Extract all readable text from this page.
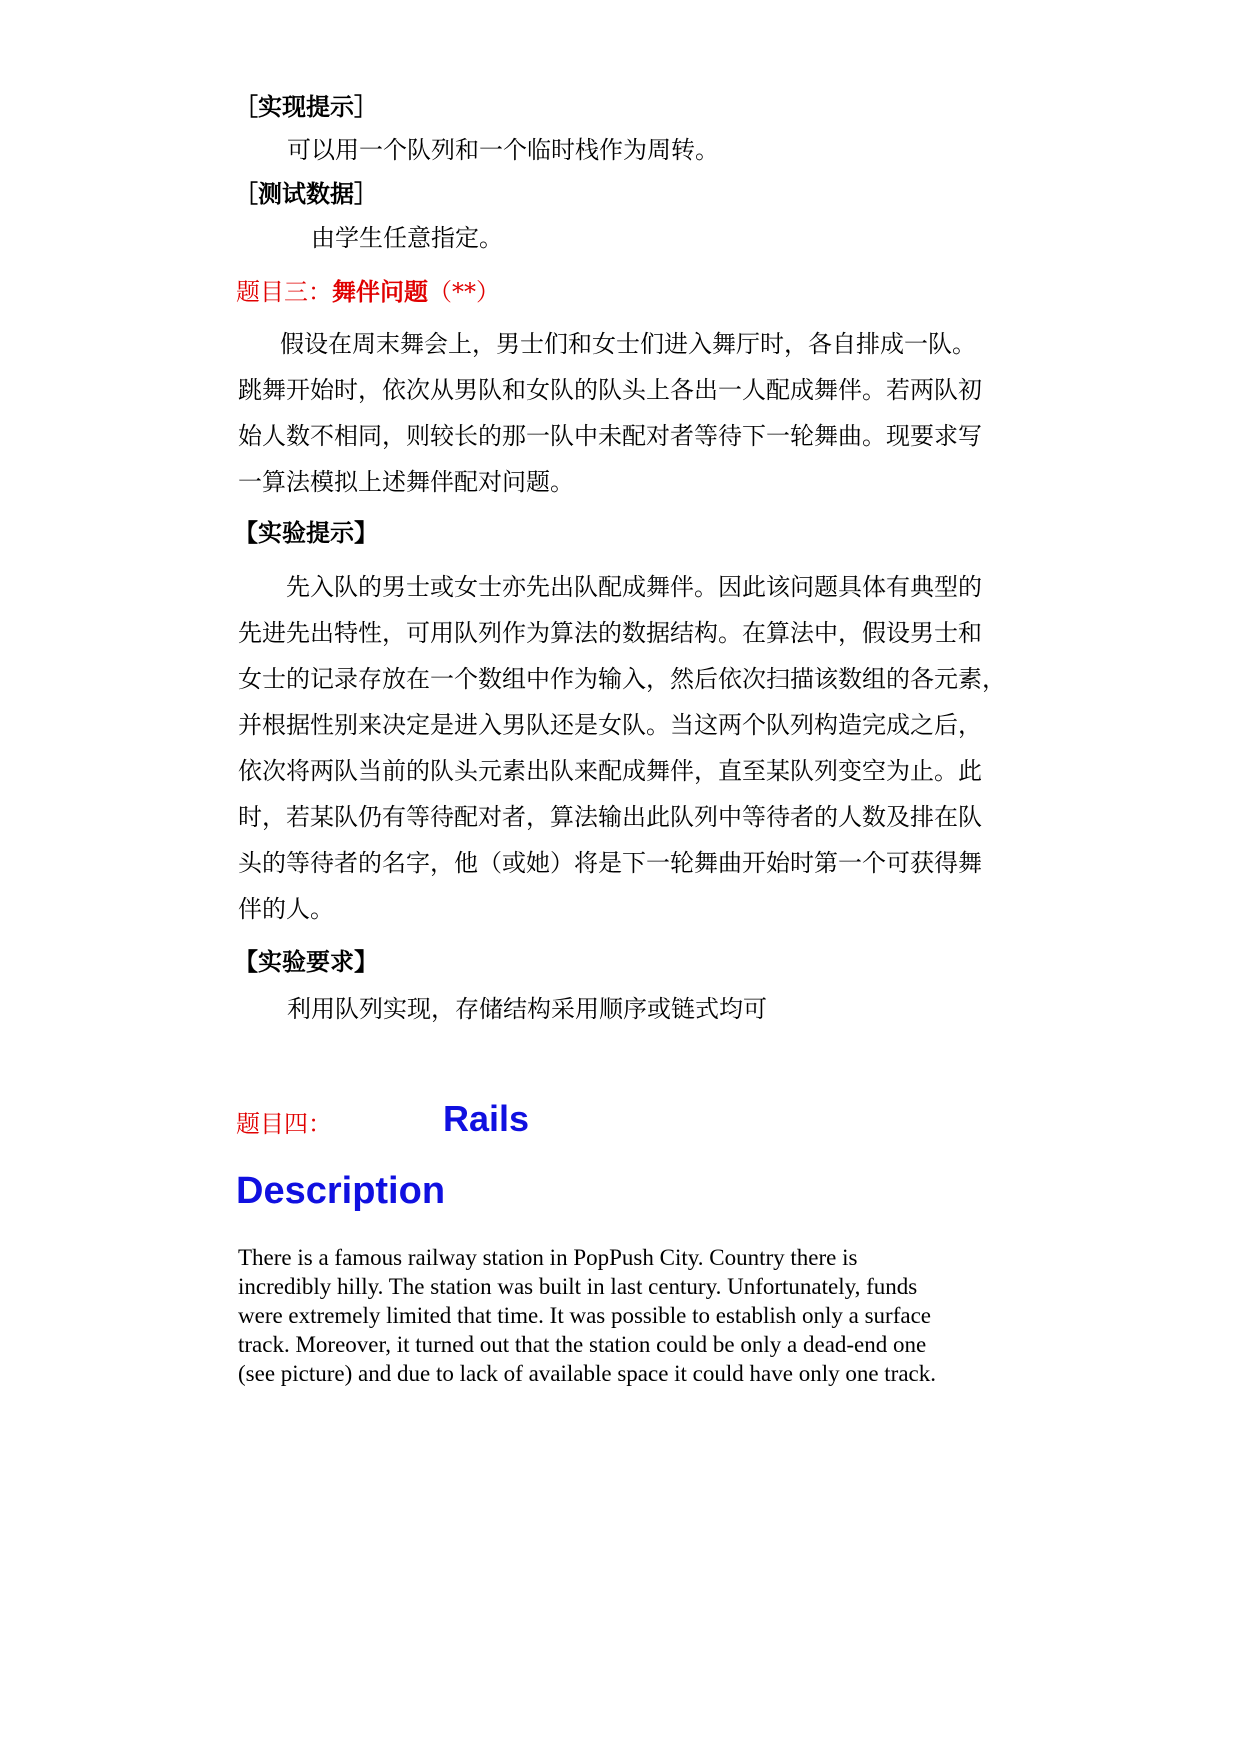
［实现提示］
可以用一个队列和一个临时栈作为周转。
［测试数据］
由学生任意指定。
题目三：舞伴问题（**）
假设在周末舞会上，男士们和女士们进入舞厅时，各自排成一队。
跳舞开始时，依次从男队和女队的队头上各出一人配成舞伴。若两队初
始人数不相同，则较长的那一队中未配对者等待下一轮舞曲。现要求写
一算法模拟上述舞伴配对问题。
【实验提示】
先入队的男士或女士亦先出队配成舞伴。因此该问题具体有典型的
先进先出特性，可用队列作为算法的数据结构。在算法中，假设男士和
女士的记录存放在一个数组中作为输入，然后依次扫描该数组的各元素，
并根据性别来决定是进入男队还是女队。当这两个队列构造完成之后，
依次将两队当前的队头元素出队来配成舞伴，直至某队列变空为止。此
时，若某队仍有等待配对者，算法输出此队列中等待者的人数及排在队
头的等待者的名字，他（或她）将是下一轮舞曲开始时第一个可获得舞
伴的人。
【实验要求】
利用队列实现，存储结构采用顺序或链式均可
题目四：	Rails
Description
There is a famous railway station in PopPush City. Country there is
incredibly hilly. The station was built in last century. Unfortunately, funds
were extremely limited that time. It was possible to establish only a surface
track. Moreover, it turned out that the station could be only a dead-end one
(see picture) and due to lack of available space it could have only one track.
